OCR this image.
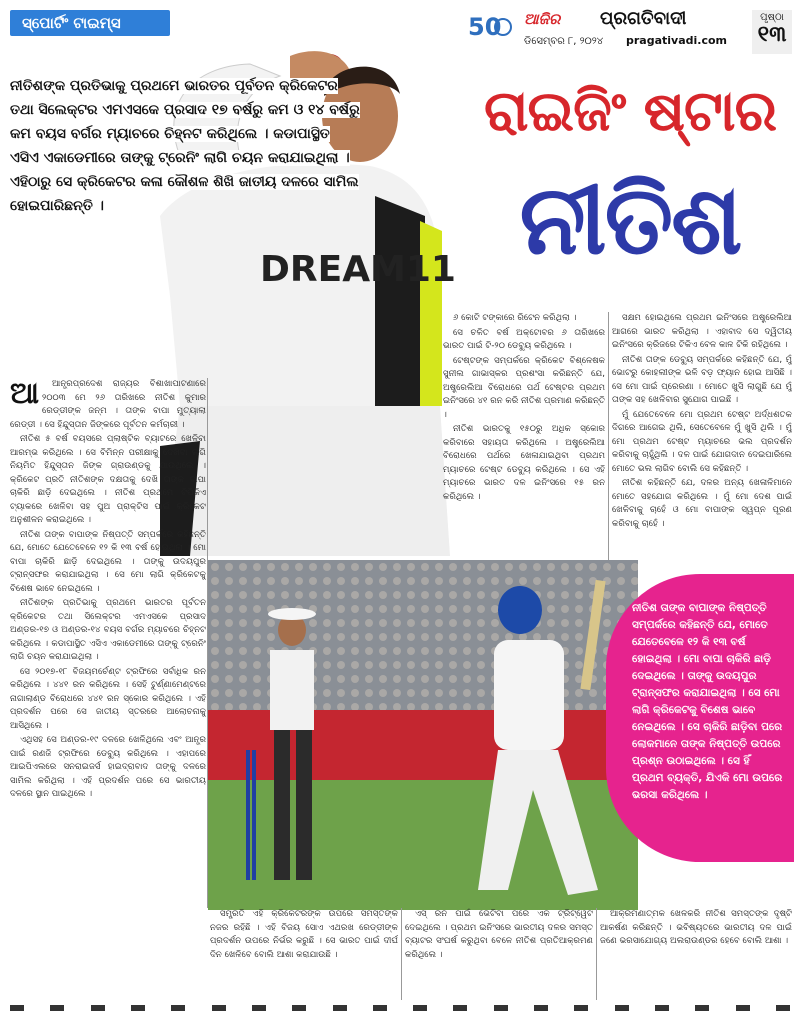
ସ୍ପୋର୍ଟିଂ ଟାଇମ୍ସ	50 ଆଜିର ପ୍ରଗତିବାଦୀ
ଡିସେମ୍ବର ୮, ୨୦୨୪ pragativadi.com
ପୃଷ୍ଠା
୧୩
DREAM11
ରାଇଜିଂ ଷ୍ଟାର
ନୀତିଶ
ନୀତିଶଙ୍କ ପ୍ରତିଭାକୁ ପ୍ରଥମେ ଭାରତର ପୂର୍ବତନ କ୍ରିକେଟର ତଥା ସିଲେକ୍ଟର ଏମଏସକେ ପ୍ରସାଦ ୧୭ ବର୍ଷରୁ କମ ଓ ୧୪ ବର୍ଷରୁ କମ ବୟସ ବର୍ଗର ମ୍ୟାଚରେ ଚିହ୍ନଟ କରିଥିଲେ । କଡାପାସ୍ଥିତ ଏସିଏ ଏକାଡେମୀରେ ତାଙ୍କୁ ଟ୍ରେନିଂ ଲାଗି ଚୟନ କରାଯାଇଥିଲା । ଏହିଠାରୁ ସେ କ୍ରିକେଟର କଳା କୌଶଳ ଶିଖି ଜାତୀୟ ଦଳରେ ସାମିଲ ହୋଇପାରିଛନ୍ତି ।
ଆ	ଆନ୍ଧ୍ରପ୍ରଦେଶ ରାଜ୍ୟର ବିଶାଖାପାଟଣାରେ ୨୦୦୩ ମେ ୨୬ ତାରିଖରେ ନୀତିଶ କୁମାର ରେଡ୍ଡୀଙ୍କ ଜନ୍ମ । ତାଙ୍କ ବାପା ମୁତ୍ୟାଲା ରେଡ୍ଡୀ । ସେ ହିନ୍ଦୁସ୍ତାନ ଜିଙ୍କରେ ପୂର୍ବତନ କର୍ମଚାରୀ ।

ନୀତିଶ ୫ ବର୍ଷ ବୟସରେ ପ୍ଲାଷ୍ଟିକ ବ୍ୟାଟରେ ଖେଳିବା ଆରମ୍ଭ କରିଥିଲେ । ସେ ବିମିନ୍ନ ପରୀକ୍ଷାକୁ ଦେଖିବା ଲାଗି ନିୟମିତ ହିନ୍ଦୁସ୍ତାନ ଜିଙ୍କ ଗ୍ରାଉଣ୍ଡକୁ ଯାଉଥିଲେ । କ୍ରିକେଟ ପ୍ରତି ନୀତିଶଙ୍କ ଦକ୍ଷତାକୁ ଦେଖି ତାଙ୍କ ବାପା ଚାକିରି ଛାଡ଼ି ଦେଇଥିଲେ । ନୀତିଶ ପ୍ରଥମେ ଟିପିକିଏ ଟ୍ୟାକରେ ଖେଳିବା ସହ ପୁଅ ପ୍ରାକ୍ଟିସ ପାଇଁ କ୍ରିକେଟ ଅନୁଶୀଳନ କରାଇଥିଲେ ।

ନୀତିଶ ତାଙ୍କ ବାପାଙ୍କ ନିଷ୍ପତ୍ତି ସମ୍ପର୍କରେ କହିଛନ୍ତି ଯେ, ମୋତେ ଯେତେବେଳେ ୧୨ କି ୧୩ ବର୍ଷ ହୋଇଥିଲା । ମୋ ବାପା ଚାକିରି ଛାଡ଼ି ଦେଇଥିଲେ । ତାଙ୍କୁ ଉଦୟପୁର ଟ୍ରାନ୍ସଫର କରାଯାଇଥିଲା । ସେ ମୋ ଲାଗି କ୍ରିକେଟକୁ ବିଶେଷ ଭାବେ ନେଇଥିଲେ ।

ନୀତିଶଙ୍କ ପ୍ରତିଭାକୁ ପ୍ରଥମେ ଭାରତର ପୂର୍ବତନ କ୍ରିକେଟର ତଥା ସିଲେକ୍ଟର ଏମଏସକେ ପ୍ରସାଦ ଅଣ୍ଡର-୧୭ ଓ ଅଣ୍ଡର-୧୪ ବୟସ ବର୍ଗର ମ୍ୟାଚରେ ଚିହ୍ନଟ କରିଥିଲେ । କଡାପାସ୍ଥିତ ଏସିଏ ଏକାଡେମୀରେ ତାଙ୍କୁ ଟ୍ରେନିଂ ଲାଗି ଚୟନ କରାଯାଇଥିଲା ।

ସେ ୨୦୧୭-୧୮ ବିଜୟମର୍ଚେଣ୍ଟ ଟ୍ରଫିରେ ସର୍ବାଧିକ ରନ କରିଥିଲେ । ୪୪୧ ରନ କରିଥିଲେ । ସେହି ଟୁର୍ଣ୍ଣାମେଣ୍ଟରେ ନାଗାଲାଣ୍ଡ ବିରୋଧରେ ୪୪୧ ରନ ସ୍କୋର କରିଥିଲେ । ଏହି ପ୍ରଦର୍ଶନ ପରେ ସେ ଜାତୀୟ ସ୍ତରରେ ଆଲୋଚନାକୁ ଆସିଥିଲେ ।

ଏଥିସହ ସେ ଅଣ୍ଡର-୧୯ ଦଳରେ ଖେଳିଥିଲେ ଏବଂ ଆନ୍ଧ୍ର ପାଇଁ ରଣଜି ଟ୍ରଫିରେ ଡେବ୍ୟୁ କରିଥିଲେ । ଏହାପରେ ଆଇପିଏଲରେ ସନରାଇଜର୍ସ ହାଇଦ୍ରାବାଦ ତାଙ୍କୁ ଦଳରେ ସାମିଲ କରିଥିଲା । ଏହି ପ୍ରଦର୍ଶନ ପରେ ସେ ଭାରତୀୟ ଦଳରେ ସ୍ଥାନ ପାଇଥିଲେ ।

୬ କୋଟି ଟଙ୍କାରେ ରିଟେନ କରିଥିଲା ।

ସେ ଚଳିତ ବର୍ଷ ଅକ୍ଟୋବର ୬ ତାରିଖରେ ଭାରତ ପାଇଁ ଟି-୨୦ ଡେବ୍ୟୁ କରିଥିଲେ ।

ଟେଷ୍ଟଙ୍କ ସମ୍ପର୍କରେ କ୍ରିକେଟ ବିଶ୍ଳେଷକ ସୁନୀଲ ଗାଭାସ୍କର ପ୍ରଶଂସା କରିଛନ୍ତି ଯେ, ଅଷ୍ଟ୍ରେଲିଆ ବିରୋଧରେ ପର୍ଥ ଟେଷ୍ଟର ପ୍ରଥମ ଇନିଂସରେ ୪୧ ରନ କରି ନୀତିଶ ପ୍ରମାଣ କରିଛନ୍ତି ।

ନୀତିଶ ଭାରତକୁ ୧୫୦ରୁ ଅଧିକ ସ୍କୋର କରିବାରେ ସହାୟତା କରିଥିଲେ । ଅଷ୍ଟ୍ରେଲିଆ ବିରୋଧରେ ପର୍ଥରେ ଖେଳାଯାଇଥିବା ପ୍ରଥମ ମ୍ୟାଚରେ ଟେଷ୍ଟ ଡେବ୍ୟୁ କରିଥିଲେ । ସେ ଏହି ମ୍ୟାଚରେ ଭାରତ ଦଳ ଇନିଂସରେ ୧୫ ରନ କରିଥିଲେ ।

ସକ୍ଷମ ହୋଇଥିଲେ ପ୍ରଥମ ଇନିଂସରେ ଅଷ୍ଟ୍ରେଲିଆ ଆଗରେ ଭାରତ କରିଥିଲା । ଏହାବାଦ ସେ ଦ୍ୱିତୀୟ ଇନିଂସରେ କ୍ରିଜରେ ଟିକିଏ ବେଳ କାଳ ଟିକି ରହିଥିଲେ ।

ନୀତିଶ ତାଙ୍କ ଡେବ୍ୟୁ ସମ୍ପର୍କରେ କହିଛନ୍ତି ଯେ, ମୁଁ ଭୋଟରୁ କୋହଲୀଙ୍କ ଭଳି ବଡ଼ ଫ୍ୟାନ ହୋଇ ଆସିଛି । ସେ ମୋ ପାଇଁ ପ୍ରେରଣା । ମୋତେ ଖୁସି ଲାଗୁଛି ଯେ ମୁଁ ତାଙ୍କ ସହ ଖେଳିବାର ସୁଯୋଗ ପାଇଛି ।

ମୁଁ ଯେତେବେଳେ ମୋ ପ୍ରଥମ ଟେଷ୍ଟ ଅର୍ଦ୍ଧଶତକ ଦିଗରେ ଆଗେଇ ଥିଲି, ସେତେବେଳେ ମୁଁ ଖୁସି ଥିଲି । ମୁଁ ମୋ ପ୍ରଥମ ଟେଷ୍ଟ ମ୍ୟାଚରେ ଭଲ ପ୍ରଦର୍ଶନ କରିବାକୁ ଚାହୁଁଥିଲି । ଦଳ ପାଇଁ ଯୋଗଦାନ ଦେଇପାରିଲେ ମୋତେ ଭଲ ଲାଗିବ ବୋଲି ସେ କହିଛନ୍ତି ।

ନୀତିଶ କହିଛନ୍ତି ଯେ, ଦଳର ଅନ୍ୟ ଖେଳାଳିମାନେ ମୋତେ ସହଯୋଗ କରିଥିଲେ । ମୁଁ ମୋ ଦେଶ ପାଇଁ ଖେଳିବାକୁ ଚାହେଁ ଓ ମୋ ବାପାଙ୍କ ସ୍ୱପ୍ନ ପୂରଣ କରିବାକୁ ଚାହେଁ ।

ନୀତିଶ ତାଙ୍କ ବାପାଙ୍କ ନିଷ୍ପତ୍ତି ସମ୍ପର୍କରେ କହିଛନ୍ତି ଯେ, ମୋତେ ଯେତେବେଳେ ୧୨ କି ୧୩ ବର୍ଷ ହୋଇଥିଲା । ମୋ ବାପା ଚାକିରି ଛାଡ଼ି ଦେଇଥିଲେ । ତାଙ୍କୁ ଉଦୟପୁର ଟ୍ରାନ୍ସଫର କରାଯାଇଥିଲା । ସେ ମୋ ଲାଗି କ୍ରିକେଟକୁ ବିଶେଷ ଭାବେ ନେଇଥିଲେ । ସେ ଚାକିରି ଛାଡ଼ିବା ପରେ ଲୋକମାନେ ତାଙ୍କ ନିଷ୍ପତ୍ତି ଉପରେ ପ୍ରଶ୍ନ ଉଠାଇଥିଲେ । ସେ ହିଁ ପ୍ରଥମ ବ୍ୟକ୍ତି, ଯିଏକି ମୋ ଉପରେ ଭରସା କରିଥିଲେ ।

ସମ୍ପ୍ରତି ଏହି କ୍ରିକେଟରଙ୍କ ଉପରେ ସମସ୍ତଙ୍କ ନଜର ରହିଛି । ଏହି ବିଜୟ ସୋଏ ଏଥରଖ ରେଡ୍ଡୀଙ୍କ ପ୍ରଦର୍ଶନ ଉପରେ ନିର୍ଭର କରୁଛି । ସେ ଭାରତ ପାଇଁ ଦୀର୍ଘ ଦିନ ଖେଳିବେ ବୋଲି ଆଶା କରାଯାଉଛି ।

ଏସ୍ ରନ ପାଇଁ ଭେଟିବା ପରେ ଏକ ଟ୍ରିଟ୍ୱେଟ ଦେଇଥିଲେ । ପ୍ରଥମ ଇନିଂସରେ ଭାରତୀୟ ଦଳର ସମସ୍ତ ବ୍ୟାଟର ସଂଘର୍ଷ କରୁଥିବା ବେଳେ ନୀତିଶ ପ୍ରତିଆକ୍ରମଣ କରିଥିଲେ ।

ଆକ୍ରମଣାତ୍ମକ ଖେଳକରି ନୀତିଶ ସମସ୍ତଙ୍କ ଦୃଷ୍ଟି ଆକର୍ଷଣ କରିଛନ୍ତି । ଭବିଷ୍ୟତରେ ଭାରତୀୟ ଦଳ ପାଇଁ ଜଣେ ଭରସାଯୋଗ୍ୟ ଅଲରାଉଣ୍ଡର ହେବେ ବୋଲି ଆଶା ।
